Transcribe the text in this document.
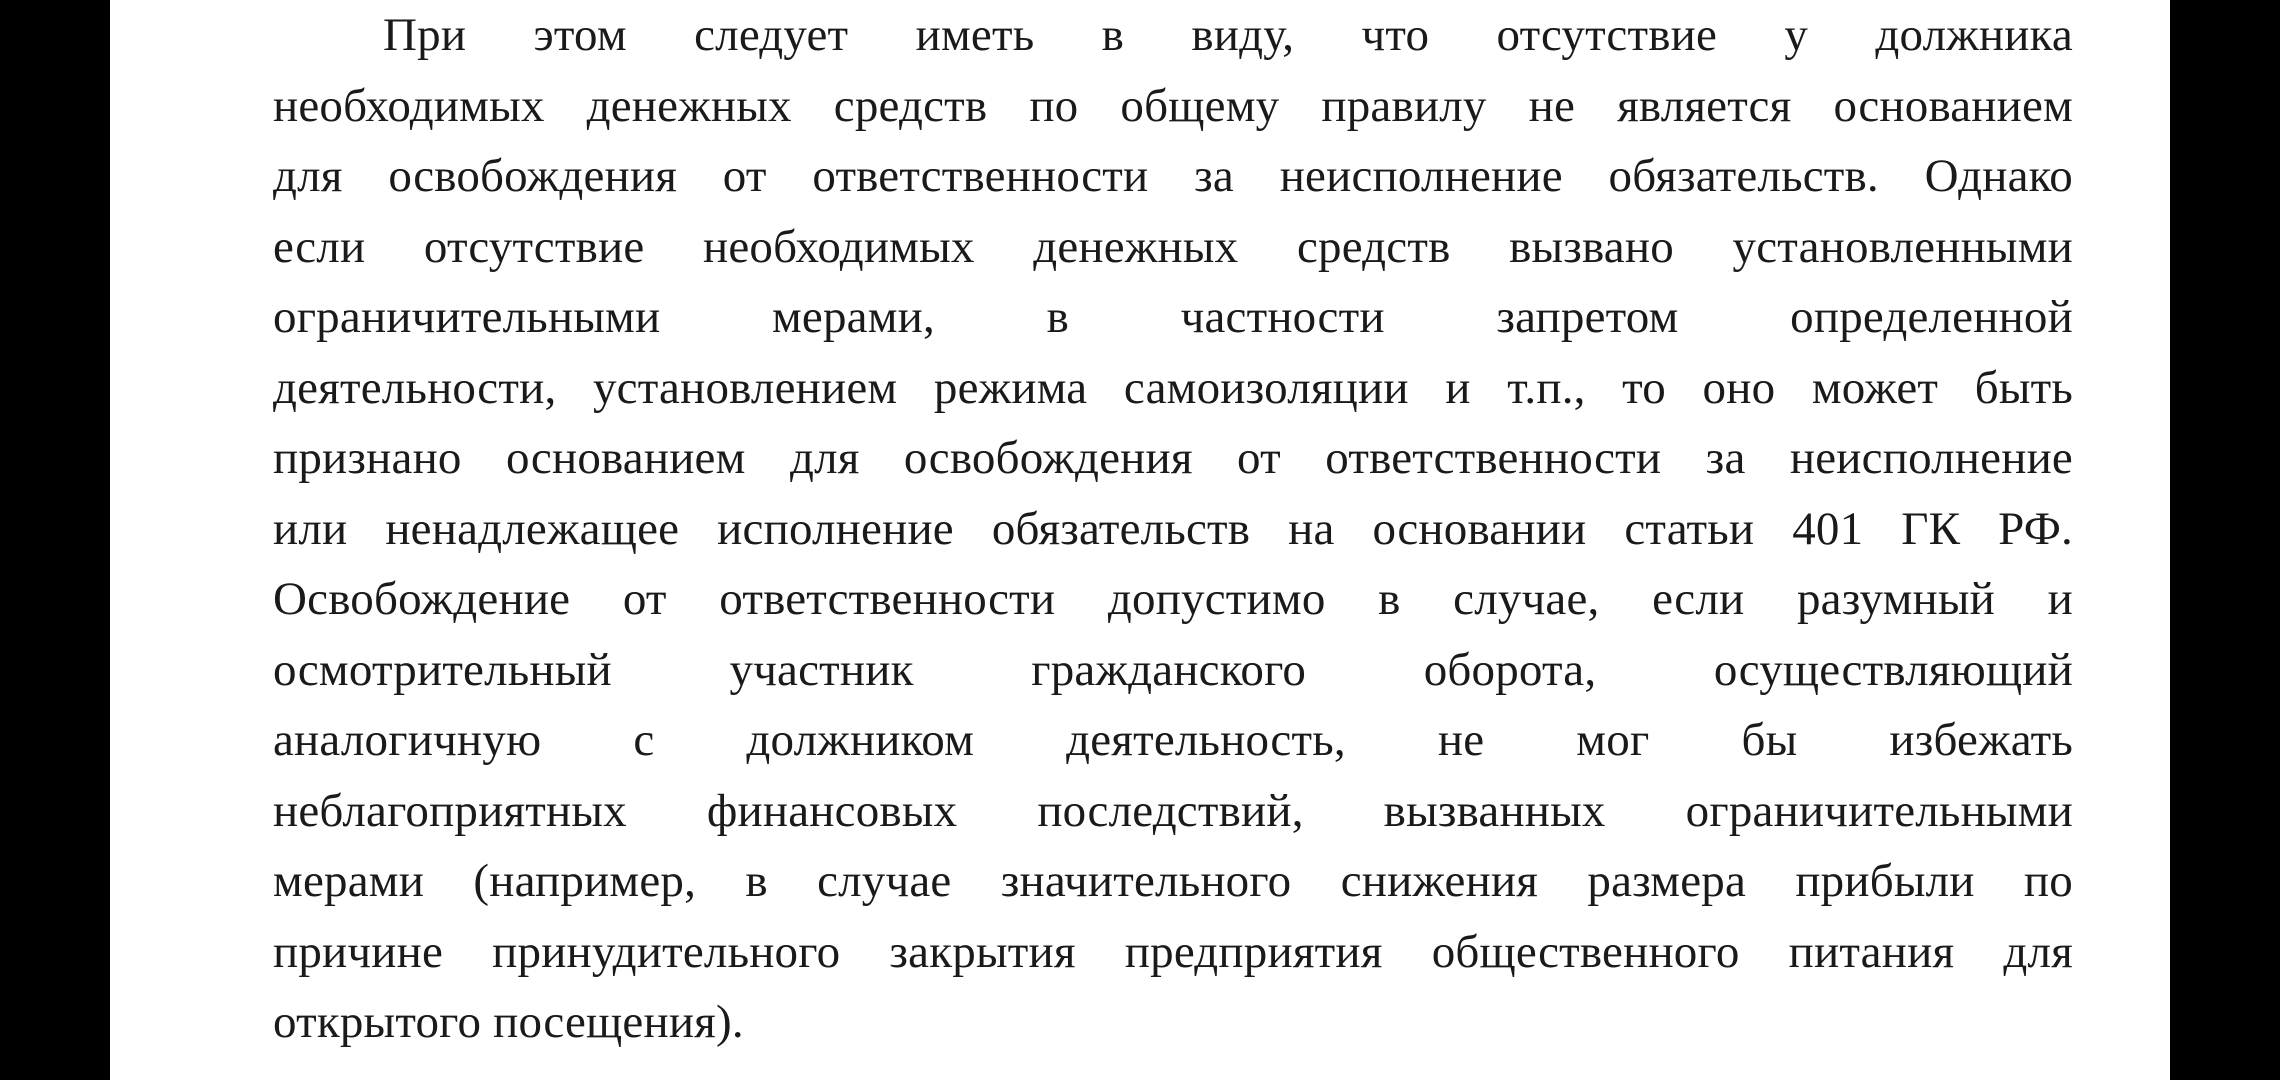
При этом следует иметь в виду, что отсутствие у должника
необходимых денежных средств по общему правилу не является основанием
для освобождения от ответственности за неисполнение обязательств. Однако
если отсутствие необходимых денежных средств вызвано установленными
ограничительными мерами, в частности запретом определенной
деятельности, установлением режима самоизоляции и т.п., то оно может быть
признано основанием для освобождения от ответственности за неисполнение
или ненадлежащее исполнение обязательств на основании статьи 401 ГК РФ.
Освобождение от ответственности допустимо в случае, если разумный и
осмотрительный участник гражданского оборота, осуществляющий
аналогичную с должником деятельность, не мог бы избежать
неблагоприятных финансовых последствий, вызванных ограничительными
мерами (например, в случае значительного снижения размера прибыли по
причине принудительного закрытия предприятия общественного питания для
открытого посещения).
